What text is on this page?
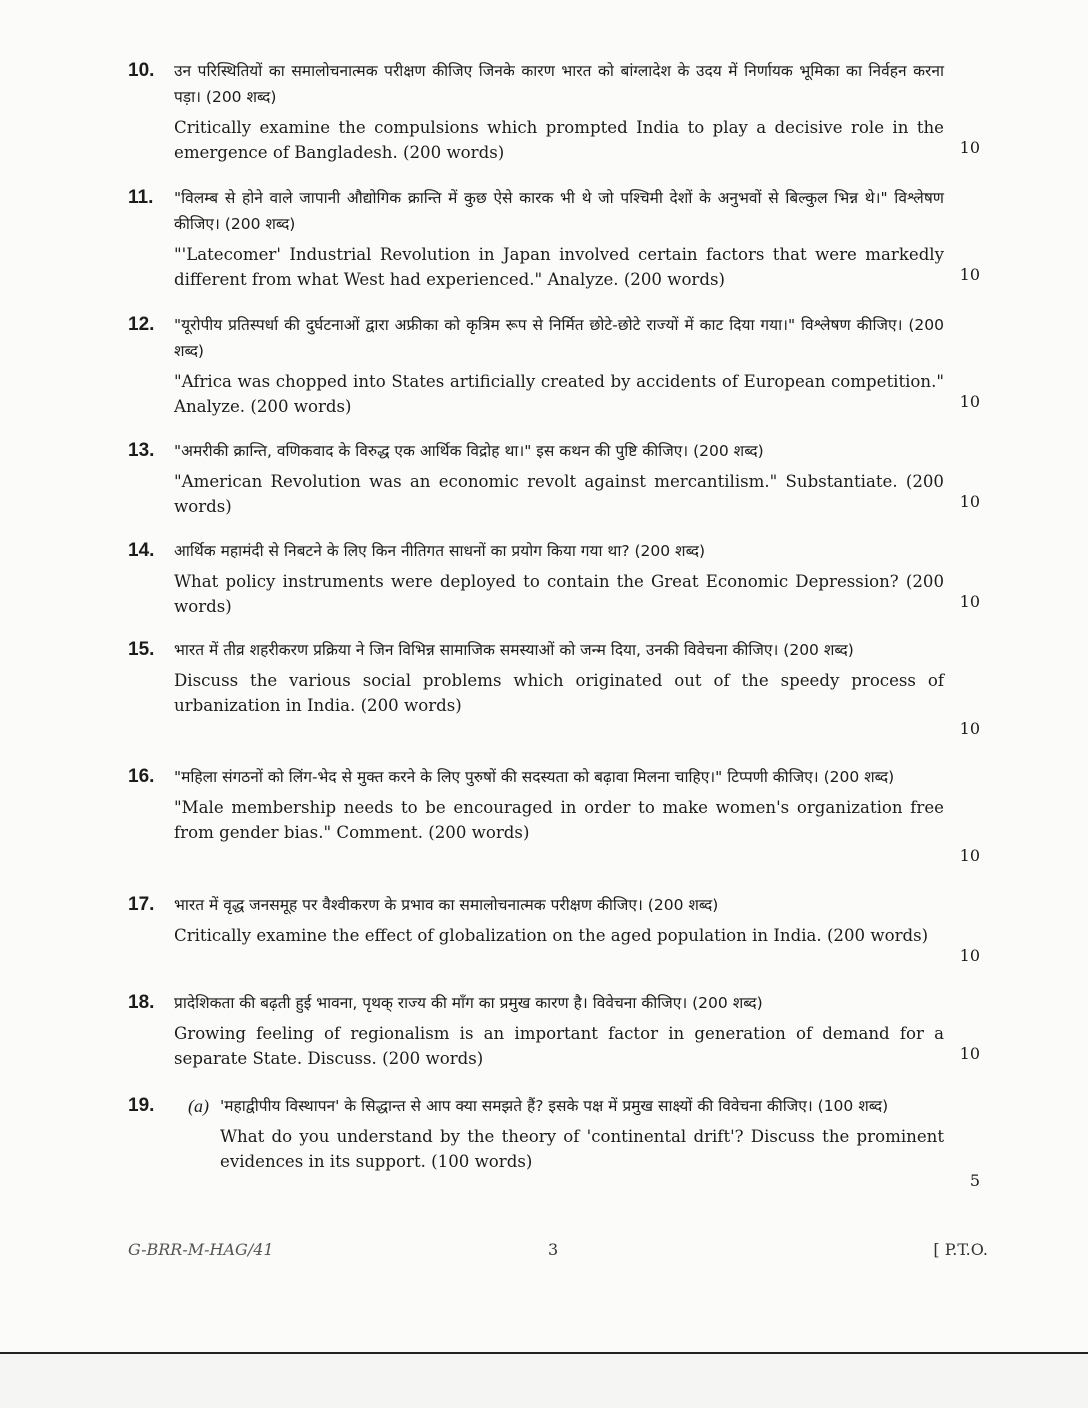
10. उन परिस्थितियों का समालोचनात्मक परीक्षण कीजिए जिनके कारण भारत को बांग्लादेश के उदय में निर्णायक भूमिका का निर्वहन करना पड़ा। (200 शब्द)
Critically examine the compulsions which prompted India to play a decisive role in the emergence of Bangladesh. (200 words)	10
11. "विलम्ब से होने वाले जापानी औद्योगिक क्रान्ति में कुछ ऐसे कारक भी थे जो पश्चिमी देशों के अनुभवों से बिल्कुल भिन्न थे।" विश्लेषण कीजिए। (200 शब्द)
"'Latecomer' Industrial Revolution in Japan involved certain factors that were markedly different from what West had experienced." Analyze. (200 words)	10
12. "यूरोपीय प्रतिस्पर्धा की दुर्घटनाओं द्वारा अफ्रीका को कृत्रिम रूप से निर्मित छोटे-छोटे राज्यों में काट दिया गया।" विश्लेषण कीजिए। (200 शब्द)
"Africa was chopped into States artificially created by accidents of European competition." Analyze. (200 words)	10
13. "अमरीकी क्रान्ति, वणिकवाद के विरुद्ध एक आर्थिक विद्रोह था।" इस कथन की पुष्टि कीजिए। (200 शब्द)
"American Revolution was an economic revolt against mercantilism." Substantiate. (200 words)	10
14. आर्थिक महामंदी से निबटने के लिए किन नीतिगत साधनों का प्रयोग किया गया था? (200 शब्द)
What policy instruments were deployed to contain the Great Economic Depression? (200 words)	10
15. भारत में तीव्र शहरीकरण प्रक्रिया ने जिन विभिन्न सामाजिक समस्याओं को जन्म दिया, उनकी विवेचना कीजिए। (200 शब्द)
Discuss the various social problems which originated out of the speedy process of urbanization in India. (200 words)
10
16. "महिला संगठनों को लिंग-भेद से मुक्त करने के लिए पुरुषों की सदस्यता को बढ़ावा मिलना चाहिए।" टिप्पणी कीजिए। (200 शब्द)
"Male membership needs to be encouraged in order to make women's organization free from gender bias." Comment. (200 words)
10
17. भारत में वृद्ध जनसमूह पर वैश्वीकरण के प्रभाव का समालोचनात्मक परीक्षण कीजिए। (200 शब्द)
Critically examine the effect of globalization on the aged population in India. (200 words)
10
18. प्रादेशिकता की बढ़ती हुई भावना, पृथक् राज्य की माँग का प्रमुख कारण है। विवेचना कीजिए। (200 शब्द)
Growing feeling of regionalism is an important factor in generation of demand for a separate State. Discuss. (200 words)	10
19. (a) 'महाद्वीपीय विस्थापन' के सिद्धान्त से आप क्या समझते हैं? इसके पक्ष में प्रमुख साक्ष्यों की विवेचना कीजिए। (100 शब्द)
What do you understand by the theory of 'continental drift'? Discuss the prominent evidences in its support. (100 words)
5
G-BRR-M-HAG/41	3	[ P.T.O.
